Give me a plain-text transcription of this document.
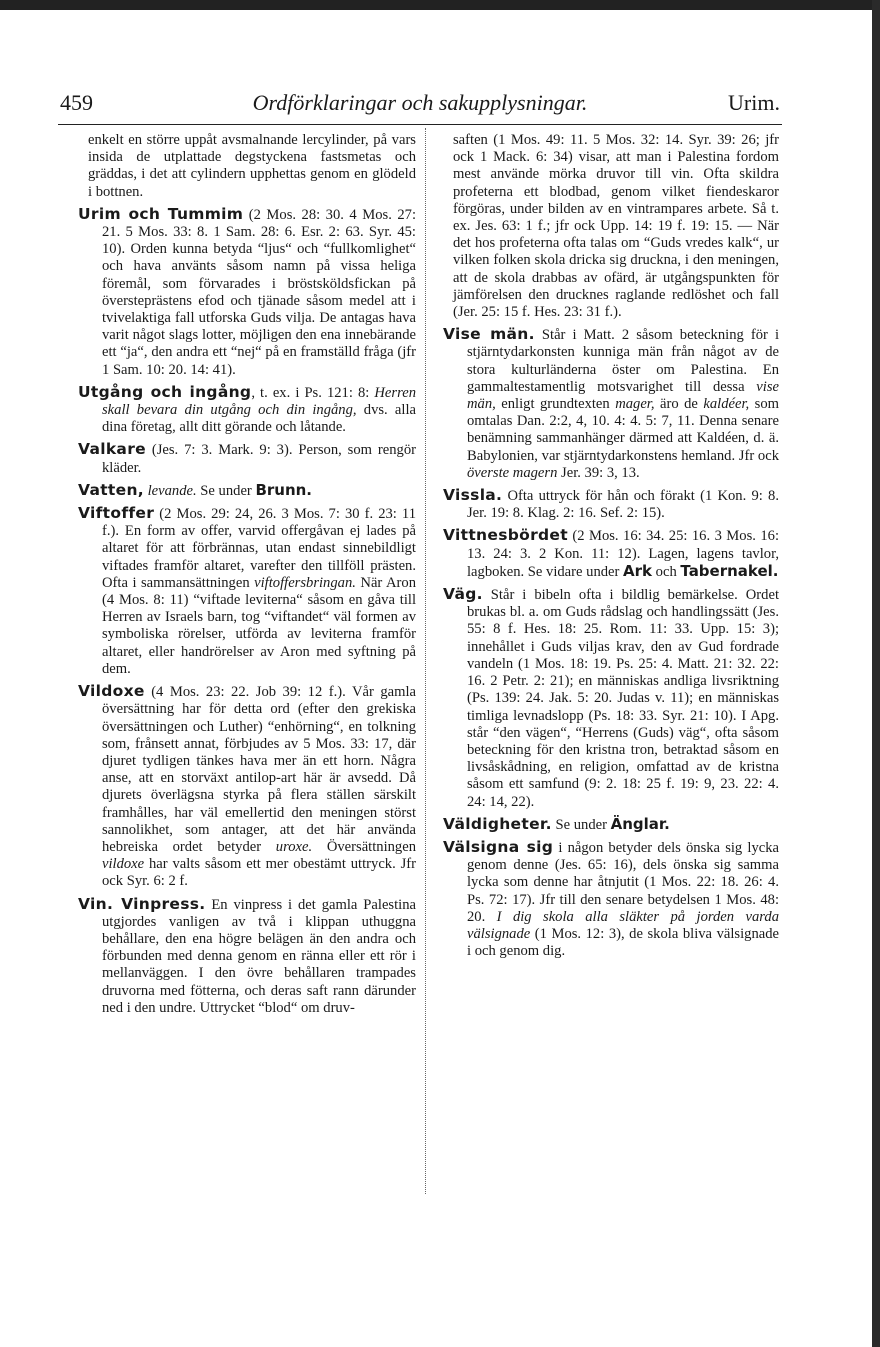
459	Ordförklaringar och sakupplysningar.	Urim.

enkelt en större uppåt avsmalnande lercylinder, på vars insida de utplattade degstyckena fastsmetas och gräddas, i det att cylindern upphettas genom en glödeld i bottnen.

Urim och Tummim (2 Mos. 28: 30. 4 Mos. 27: 21. 5 Mos. 33: 8. 1 Sam. 28: 6. Esr. 2: 63. Syr. 45: 10). Orden kunna betyda “ljus“ och “fullkomlighet“ och hava använts såsom namn på vissa heliga föremål, som förvarades i bröstsköldsfickan på översteprästens efod och tjänade såsom medel att i tvivelaktiga fall utforska Guds vilja. De antagas hava varit något slags lotter, möjligen den ena innebärande ett “ja“, den andra ett “nej“ på en framställd fråga (jfr 1 Sam. 10: 20. 14: 41).

Utgång och ingång, t. ex. i Ps. 121: 8: Herren skall bevara din utgång och din ingång, dvs. alla dina företag, allt ditt görande och låtande.

Valkare (Jes. 7: 3. Mark. 9: 3). Person, som rengör kläder.

Vatten, levande. Se under Brunn.

Viftoffer (2 Mos. 29: 24, 26. 3 Mos. 7: 30 f. 23: 11 f.). En form av offer, varvid offergåvan ej lades på altaret för att förbrännas, utan endast sinnebildligt viftades framför altaret, varefter den tillföll prästen. Ofta i sammansättningen viftoffersbringan. När Aron (4 Mos. 8: 11) “viftade leviterna“ såsom en gåva till Herren av Israels barn, tog “viftandet“ väl formen av symboliska rörelser, utförda av leviterna framför altaret, eller handrörelser av Aron med syftning på dem.

Vildoxe (4 Mos. 23: 22. Job 39: 12 f.). Vår gamla översättning har för detta ord (efter den grekiska översättningen och Luther) “enhörning“, en tolkning som, frånsett annat, förbjudes av 5 Mos. 33: 17, där djuret tydligen tänkes hava mer än ett horn. Några anse, att en storväxt antilop-art här är avsedd. Då djurets överlägsna styrka på flera ställen särskilt framhålles, har väl emellertid den meningen störst sannolikhet, som antager, att det här använda hebreiska ordet betyder uroxe. Översättningen vildoxe har valts såsom ett mer obestämt uttryck. Jfr ock Syr. 6: 2 f.

Vin. Vinpress. En vinpress i det gamla Palestina utgjordes vanligen av två i klippan uthuggna behållare, den ena högre belägen än den andra och förbunden med denna genom en ränna eller ett rör i mellanväggen. I den övre behållaren trampades druvorna med fötterna, och deras saft rann därunder ned i den undre. Uttrycket “blod“ om druv-

saften (1 Mos. 49: 11. 5 Mos. 32: 14. Syr. 39: 26; jfr ock 1 Mack. 6: 34) visar, att man i Palestina fordom mest använde mörka druvor till vin. Ofta skildra profeterna ett blodbad, genom vilket fiendeskaror förgöras, under bilden av en vintrampares arbete. Så t. ex. Jes. 63: 1 f.; jfr ock Upp. 14: 19 f. 19: 15. — När det hos profeterna ofta talas om “Guds vredes kalk“, ur vilken folken skola dricka sig druckna, i den meningen, att de skola drabbas av ofärd, är utgångspunkten för jämförelsen den drucknes raglande redlöshet och fall (Jer. 25: 15 f. Hes. 23: 31 f.).

Vise män. Står i Matt. 2 såsom beteckning för i stjärntydarkonsten kunniga män från något av de stora kulturländerna öster om Palestina. En gammaltestamentlig motsvarighet till dessa vise män, enligt grundtexten mager, äro de kaldéer, som omtalas Dan. 2:2, 4, 10. 4: 4. 5: 7, 11. Denna senare benämning sammanhänger därmed att Kaldéen, d. ä. Babylonien, var stjärntydarkonstens hemland. Jfr ock överste magern Jer. 39: 3, 13.

Vissla. Ofta uttryck för hån och förakt (1 Kon. 9: 8. Jer. 19: 8. Klag. 2: 16. Sef. 2: 15).

Vittnesbördet (2 Mos. 16: 34. 25: 16. 3 Mos. 16: 13. 24: 3. 2 Kon. 11: 12). Lagen, lagens tavlor, lagboken. Se vidare under Ark och Tabernakel.

Väg. Står i bibeln ofta i bildlig bemärkelse. Ordet brukas bl. a. om Guds rådslag och handlingssätt (Jes. 55: 8 f. Hes. 18: 25. Rom. 11: 33. Upp. 15: 3); innehållet i Guds viljas krav, den av Gud fordrade vandeln (1 Mos. 18: 19. Ps. 25: 4. Matt. 21: 32. 22: 16. 2 Petr. 2: 21); en människas andliga livsriktning (Ps. 139: 24. Jak. 5: 20. Judas v. 11); en människas timliga levnadslopp (Ps. 18: 33. Syr. 21: 10). I Apg. står “den vägen“, “Herrens (Guds) väg“, ofta såsom beteckning för den kristna tron, betraktad såsom en livsåskådning, en religion, omfattad av de kristna såsom ett samfund (9: 2. 18: 25 f. 19: 9, 23. 22: 4. 24: 14, 22).

Väldigheter. Se under Änglar.

Välsigna sig i någon betyder dels önska sig lycka genom denne (Jes. 65: 16), dels önska sig samma lycka som denne har åtnjutit (1 Mos. 22: 18. 26: 4. Ps. 72: 17). Jfr till den senare betydelsen 1 Mos. 48: 20. I dig skola alla släkter på jorden varda välsignade (1 Mos. 12: 3), de skola bliva välsignade i och genom dig.
